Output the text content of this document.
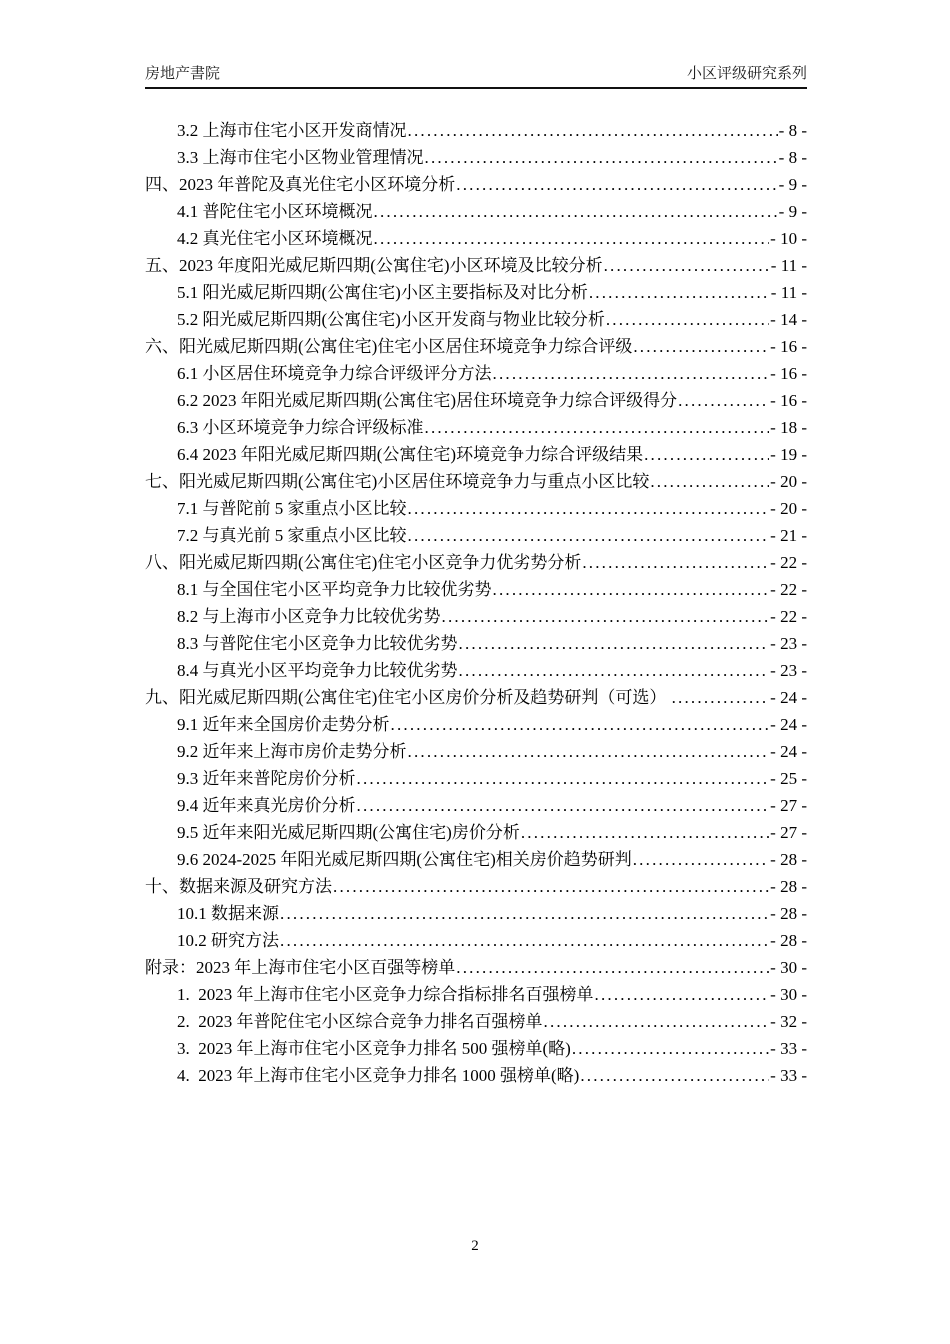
房地产書院	小区评级研究系列
3.2 上海市住宅小区开发商情况 .....	- 8 -
3.3 上海市住宅小区物业管理情况 .....	- 8 -
四、2023 年普陀及真光住宅小区环境分析 .....	- 9 -
4.1 普陀住宅小区环境概况 .....	- 9 -
4.2 真光住宅小区环境概况 .....	- 10 -
五、2023 年度阳光威尼斯四期(公寓住宅)小区环境及比较分析 .....	- 11 -
5.1 阳光威尼斯四期(公寓住宅)小区主要指标及对比分析 .....	- 11 -
5.2 阳光威尼斯四期(公寓住宅)小区开发商与物业比较分析 .....	- 14 -
六、阳光威尼斯四期(公寓住宅)住宅小区居住环境竞争力综合评级 .....	- 16 -
6.1 小区居住环境竞争力综合评级评分方法 .....	- 16 -
6.2 2023 年阳光威尼斯四期(公寓住宅)居住环境竞争力综合评级得分 .....	- 16 -
6.3 小区环境竞争力综合评级标准 .....	- 18 -
6.4 2023 年阳光威尼斯四期(公寓住宅)环境竞争力综合评级结果 .....	- 19 -
七、阳光威尼斯四期(公寓住宅)小区居住环境竞争力与重点小区比较 .....	- 20 -
7.1 与普陀前 5 家重点小区比较 .....	- 20 -
7.2 与真光前 5 家重点小区比较 .....	- 21 -
八、阳光威尼斯四期(公寓住宅)住宅小区竞争力优劣势分析 .....	- 22 -
8.1 与全国住宅小区平均竞争力比较优劣势 .....	- 22 -
8.2 与上海市小区竞争力比较优劣势 .....	- 22 -
8.3 与普陀住宅小区竞争力比较优劣势 .....	- 23 -
8.4 与真光小区平均竞争力比较优劣势 .....	- 23 -
九、阳光威尼斯四期(公寓住宅)住宅小区房价分析及趋势研判（可选） .....	- 24 -
9.1 近年来全国房价走势分析 .....	- 24 -
9.2 近年来上海市房价走势分析 .....	- 24 -
9.3 近年来普陀房价分析 .....	- 25 -
9.4 近年来真光房价分析 .....	- 27 -
9.5 近年来阳光威尼斯四期(公寓住宅)房价分析 .....	- 27 -
9.6 2024-2025 年阳光威尼斯四期(公寓住宅)相关房价趋势研判 .....	- 28 -
十、数据来源及研究方法 .....	- 28 -
10.1 数据来源 .....	- 28 -
10.2 研究方法 .....	- 28 -
附录：2023 年上海市住宅小区百强等榜单 .....	- 30 -
1.  2023 年上海市住宅小区竞争力综合指标排名百强榜单 .....	- 30 -
2.  2023 年普陀住宅小区综合竞争力排名百强榜单 .....	- 32 -
3.  2023 年上海市住宅小区竞争力排名 500 强榜单(略) .....	- 33 -
4.  2023 年上海市住宅小区竞争力排名 1000 强榜单(略) .....	- 33 -
2
